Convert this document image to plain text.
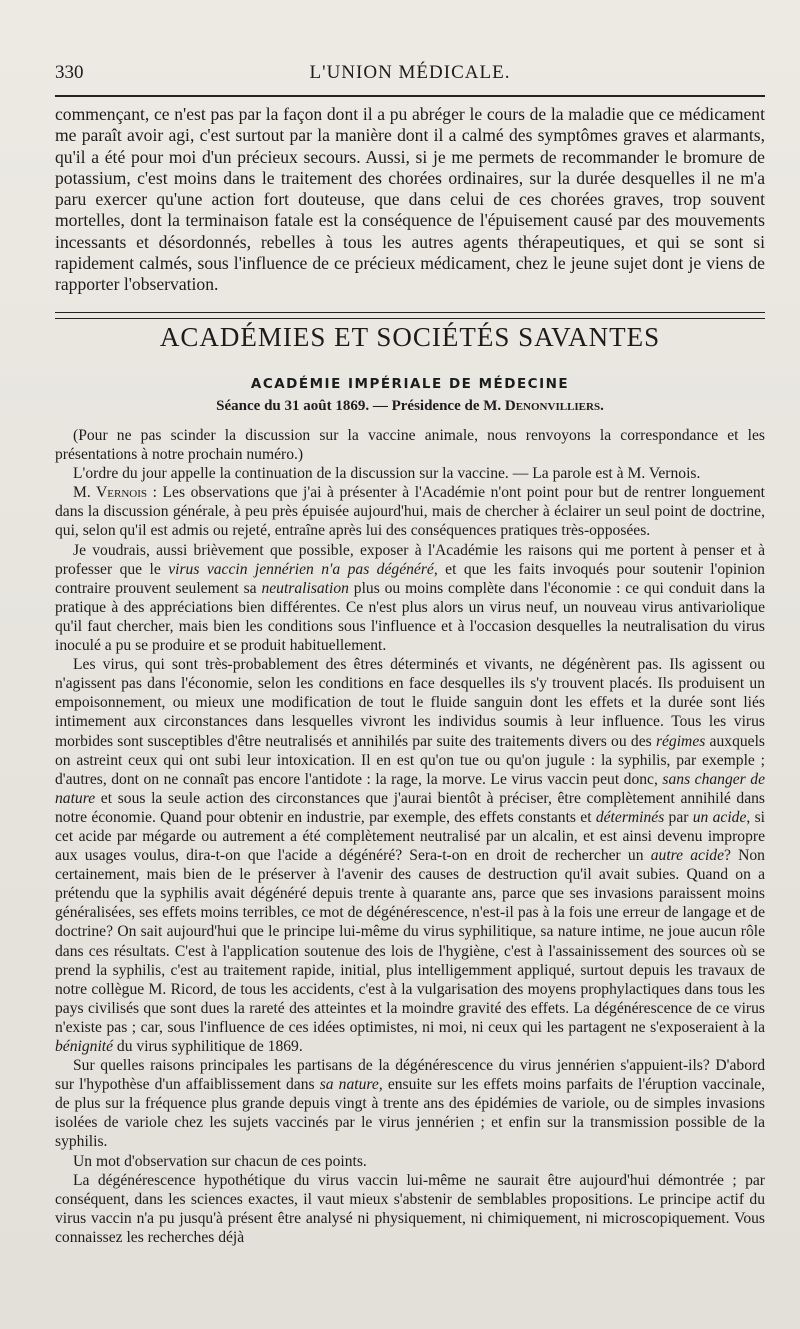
330	L'UNION MÉDICALE.

commençant, ce n'est pas par la façon dont il a pu abréger le cours de la maladie que ce médicament me paraît avoir agi, c'est surtout par la manière dont il a calmé des symptômes graves et alarmants, qu'il a été pour moi d'un précieux secours. Aussi, si je me permets de recommander le bromure de potassium, c'est moins dans le traitement des chorées ordinaires, sur la durée desquelles il ne m'a paru exercer qu'une action fort douteuse, que dans celui de ces chorées graves, trop souvent mortelles, dont la terminaison fatale est la conséquence de l'épuisement causé par des mouvements incessants et désordonnés, rebelles à tous les autres agents thérapeutiques, et qui se sont si rapidement calmés, sous l'influence de ce précieux médicament, chez le jeune sujet dont je viens de rapporter l'observation.

ACADÉMIES ET SOCIÉTÉS SAVANTES
ACADÉMIE IMPÉRIALE DE MÉDECINE
Séance du 31 août 1869. — Présidence de M. Denonvilliers.

(Pour ne pas scinder la discussion sur la vaccine animale, nous renvoyons la correspondance et les présentations à notre prochain numéro.)

L'ordre du jour appelle la continuation de la discussion sur la vaccine. — La parole est à M. Vernois.

M. Vernois : Les observations que j'ai à présenter à l'Académie n'ont point pour but de rentrer longuement dans la discussion générale, à peu près épuisée aujourd'hui, mais de chercher à éclairer un seul point de doctrine, qui, selon qu'il est admis ou rejeté, entraîne après lui des conséquences pratiques très-opposées.

Je voudrais, aussi brièvement que possible, exposer à l'Académie les raisons qui me portent à penser et à professer que le virus vaccin jennérien n'a pas dégénéré, et que les faits invoqués pour soutenir l'opinion contraire prouvent seulement sa neutralisation plus ou moins complète dans l'économie : ce qui conduit dans la pratique à des appréciations bien différentes. Ce n'est plus alors un virus neuf, un nouveau virus antivariolique qu'il faut chercher, mais bien les conditions sous l'influence et à l'occasion desquelles la neutralisation du virus inoculé a pu se produire et se produit habituellement.

Les virus, qui sont très-probablement des êtres déterminés et vivants, ne dégénèrent pas. Ils agissent ou n'agissent pas dans l'économie, selon les conditions en face desquelles ils s'y trouvent placés. Ils produisent un empoisonnement, ou mieux une modification de tout le fluide sanguin dont les effets et la durée sont liés intimement aux circonstances dans lesquelles vivront les individus soumis à leur influence. Tous les virus morbides sont susceptibles d'être neutralisés et annihilés par suite des traitements divers ou des régimes auxquels on astreint ceux qui ont subi leur intoxication. Il en est qu'on tue ou qu'on jugule : la syphilis, par exemple ; d'autres, dont on ne connaît pas encore l'antidote : la rage, la morve. Le virus vaccin peut donc, sans changer de nature et sous la seule action des circonstances que j'aurai bientôt à préciser, être complètement annihilé dans notre économie. Quand pour obtenir en industrie, par exemple, des effets constants et déterminés par un acide, si cet acide par mégarde ou autrement a été complètement neutralisé par un alcalin, et est ainsi devenu impropre aux usages voulus, dira-t-on que l'acide a dégénéré? Sera-t-on en droit de rechercher un autre acide? Non certainement, mais bien de le préserver à l'avenir des causes de destruction qu'il avait subies. Quand on a prétendu que la syphilis avait dégénéré depuis trente à quarante ans, parce que ses invasions paraissent moins généralisées, ses effets moins terribles, ce mot de dégénérescence, n'est-il pas à la fois une erreur de langage et de doctrine? On sait aujourd'hui que le principe lui-même du virus syphilitique, sa nature intime, ne joue aucun rôle dans ces résultats. C'est à l'application soutenue des lois de l'hygiène, c'est à l'assainissement des sources où se prend la syphilis, c'est au traitement rapide, initial, plus intelligemment appliqué, surtout depuis les travaux de notre collègue M. Ricord, de tous les accidents, c'est à la vulgarisation des moyens prophylactiques dans tous les pays civilisés que sont dues la rareté des atteintes et la moindre gravité des effets. La dégénérescence de ce virus n'existe pas ; car, sous l'influence de ces idées optimistes, ni moi, ni ceux qui les partagent ne s'exposeraient à la bénignité du virus syphilitique de 1869.

Sur quelles raisons principales les partisans de la dégénérescence du virus jennérien s'appuient-ils? D'abord sur l'hypothèse d'un affaiblissement dans sa nature, ensuite sur les effets moins parfaits de l'éruption vaccinale, de plus sur la fréquence plus grande depuis vingt à trente ans des épidémies de variole, ou de simples invasions isolées de variole chez les sujets vaccinés par le virus jennérien ; et enfin sur la transmission possible de la syphilis.

Un mot d'observation sur chacun de ces points.

La dégénérescence hypothétique du virus vaccin lui-même ne saurait être aujourd'hui démontrée ; par conséquent, dans les sciences exactes, il vaut mieux s'abstenir de semblables propositions. Le principe actif du virus vaccin n'a pu jusqu'à présent être analysé ni physiquement, ni chimiquement, ni microscopiquement. Vous connaissez les recherches déjà
